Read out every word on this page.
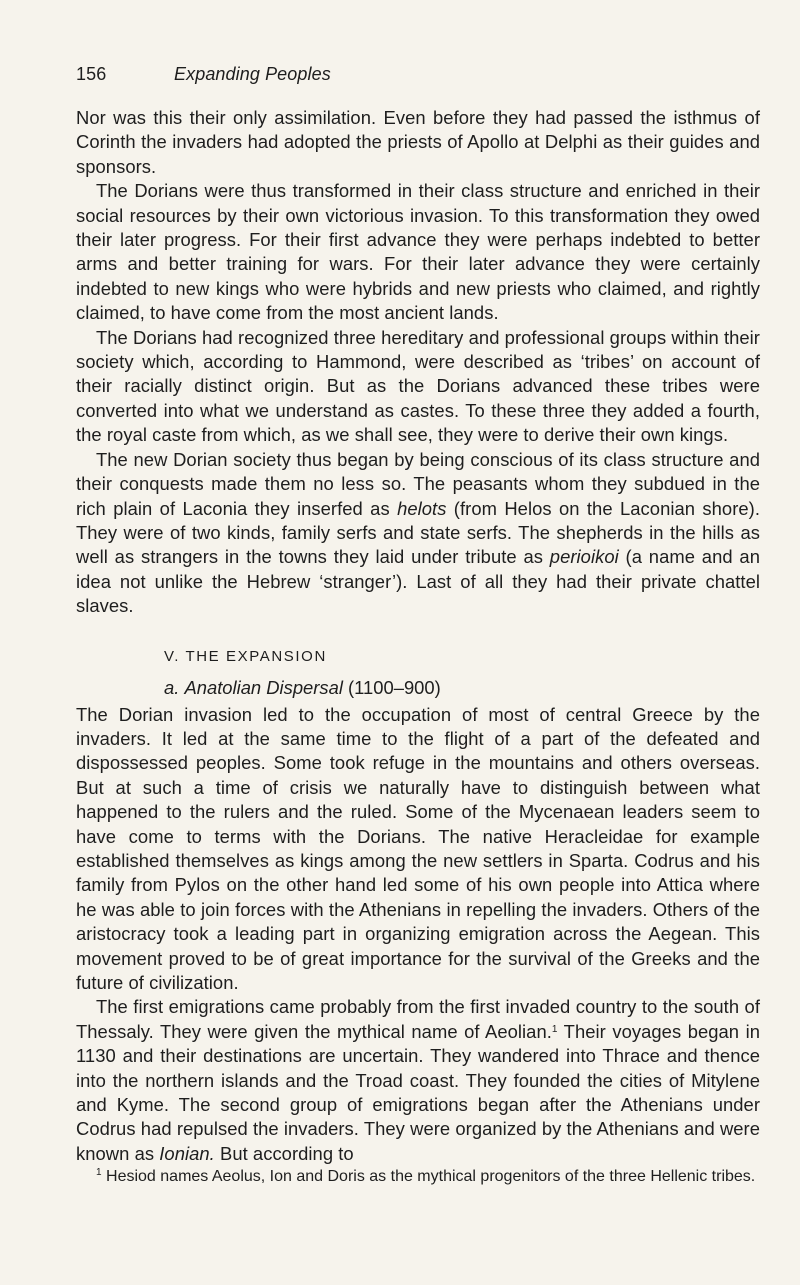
156	Expanding Peoples

Nor was this their only assimilation. Even before they had passed the isthmus of Corinth the invaders had adopted the priests of Apollo at Delphi as their guides and sponsors.

The Dorians were thus transformed in their class structure and enriched in their social resources by their own victorious invasion. To this transformation they owed their later progress. For their first advance they were perhaps indebted to better arms and better training for wars. For their later advance they were certainly indebted to new kings who were hybrids and new priests who claimed, and rightly claimed, to have come from the most ancient lands.

The Dorians had recognized three hereditary and professional groups within their society which, according to Hammond, were described as ‘tribes’ on account of their racially distinct origin. But as the Dorians advanced these tribes were converted into what we understand as castes. To these three they added a fourth, the royal caste from which, as we shall see, they were to derive their own kings.

The new Dorian society thus began by being conscious of its class structure and their conquests made them no less so. The peasants whom they subdued in the rich plain of Laconia they inserfed as helots (from Helos on the Laconian shore). They were of two kinds, family serfs and state serfs. The shepherds in the hills as well as strangers in the towns they laid under tribute as perioikoi (a name and an idea not unlike the Hebrew ‘stranger’). Last of all they had their private chattel slaves.

V. THE EXPANSION
a. Anatolian Dispersal (1100–900)

The Dorian invasion led to the occupation of most of central Greece by the invaders. It led at the same time to the flight of a part of the defeated and dispossessed peoples. Some took refuge in the mountains and others overseas. But at such a time of crisis we naturally have to distinguish between what happened to the rulers and the ruled. Some of the Mycenaean leaders seem to have come to terms with the Dorians. The native Heracleidae for example established themselves as kings among the new settlers in Sparta. Codrus and his family from Pylos on the other hand led some of his own people into Attica where he was able to join forces with the Athenians in repelling the invaders. Others of the aristocracy took a leading part in organizing emigration across the Aegean. This movement proved to be of great importance for the survival of the Greeks and the future of civilization.

The first emigrations came probably from the first invaded country to the south of Thessaly. They were given the mythical name of Aeolian.$^1$ Their voyages began in 1130 and their destinations are uncertain. They wandered into Thrace and thence into the northern islands and the Troad coast. They founded the cities of Mitylene and Kyme. The second group of emigrations began after the Athenians under Codrus had repulsed the invaders. They were organized by the Athenians and were known as Ionian. But according to

$^1$ Hesiod names Aeolus, Ion and Doris as the mythical progenitors of the three Hellenic tribes.
